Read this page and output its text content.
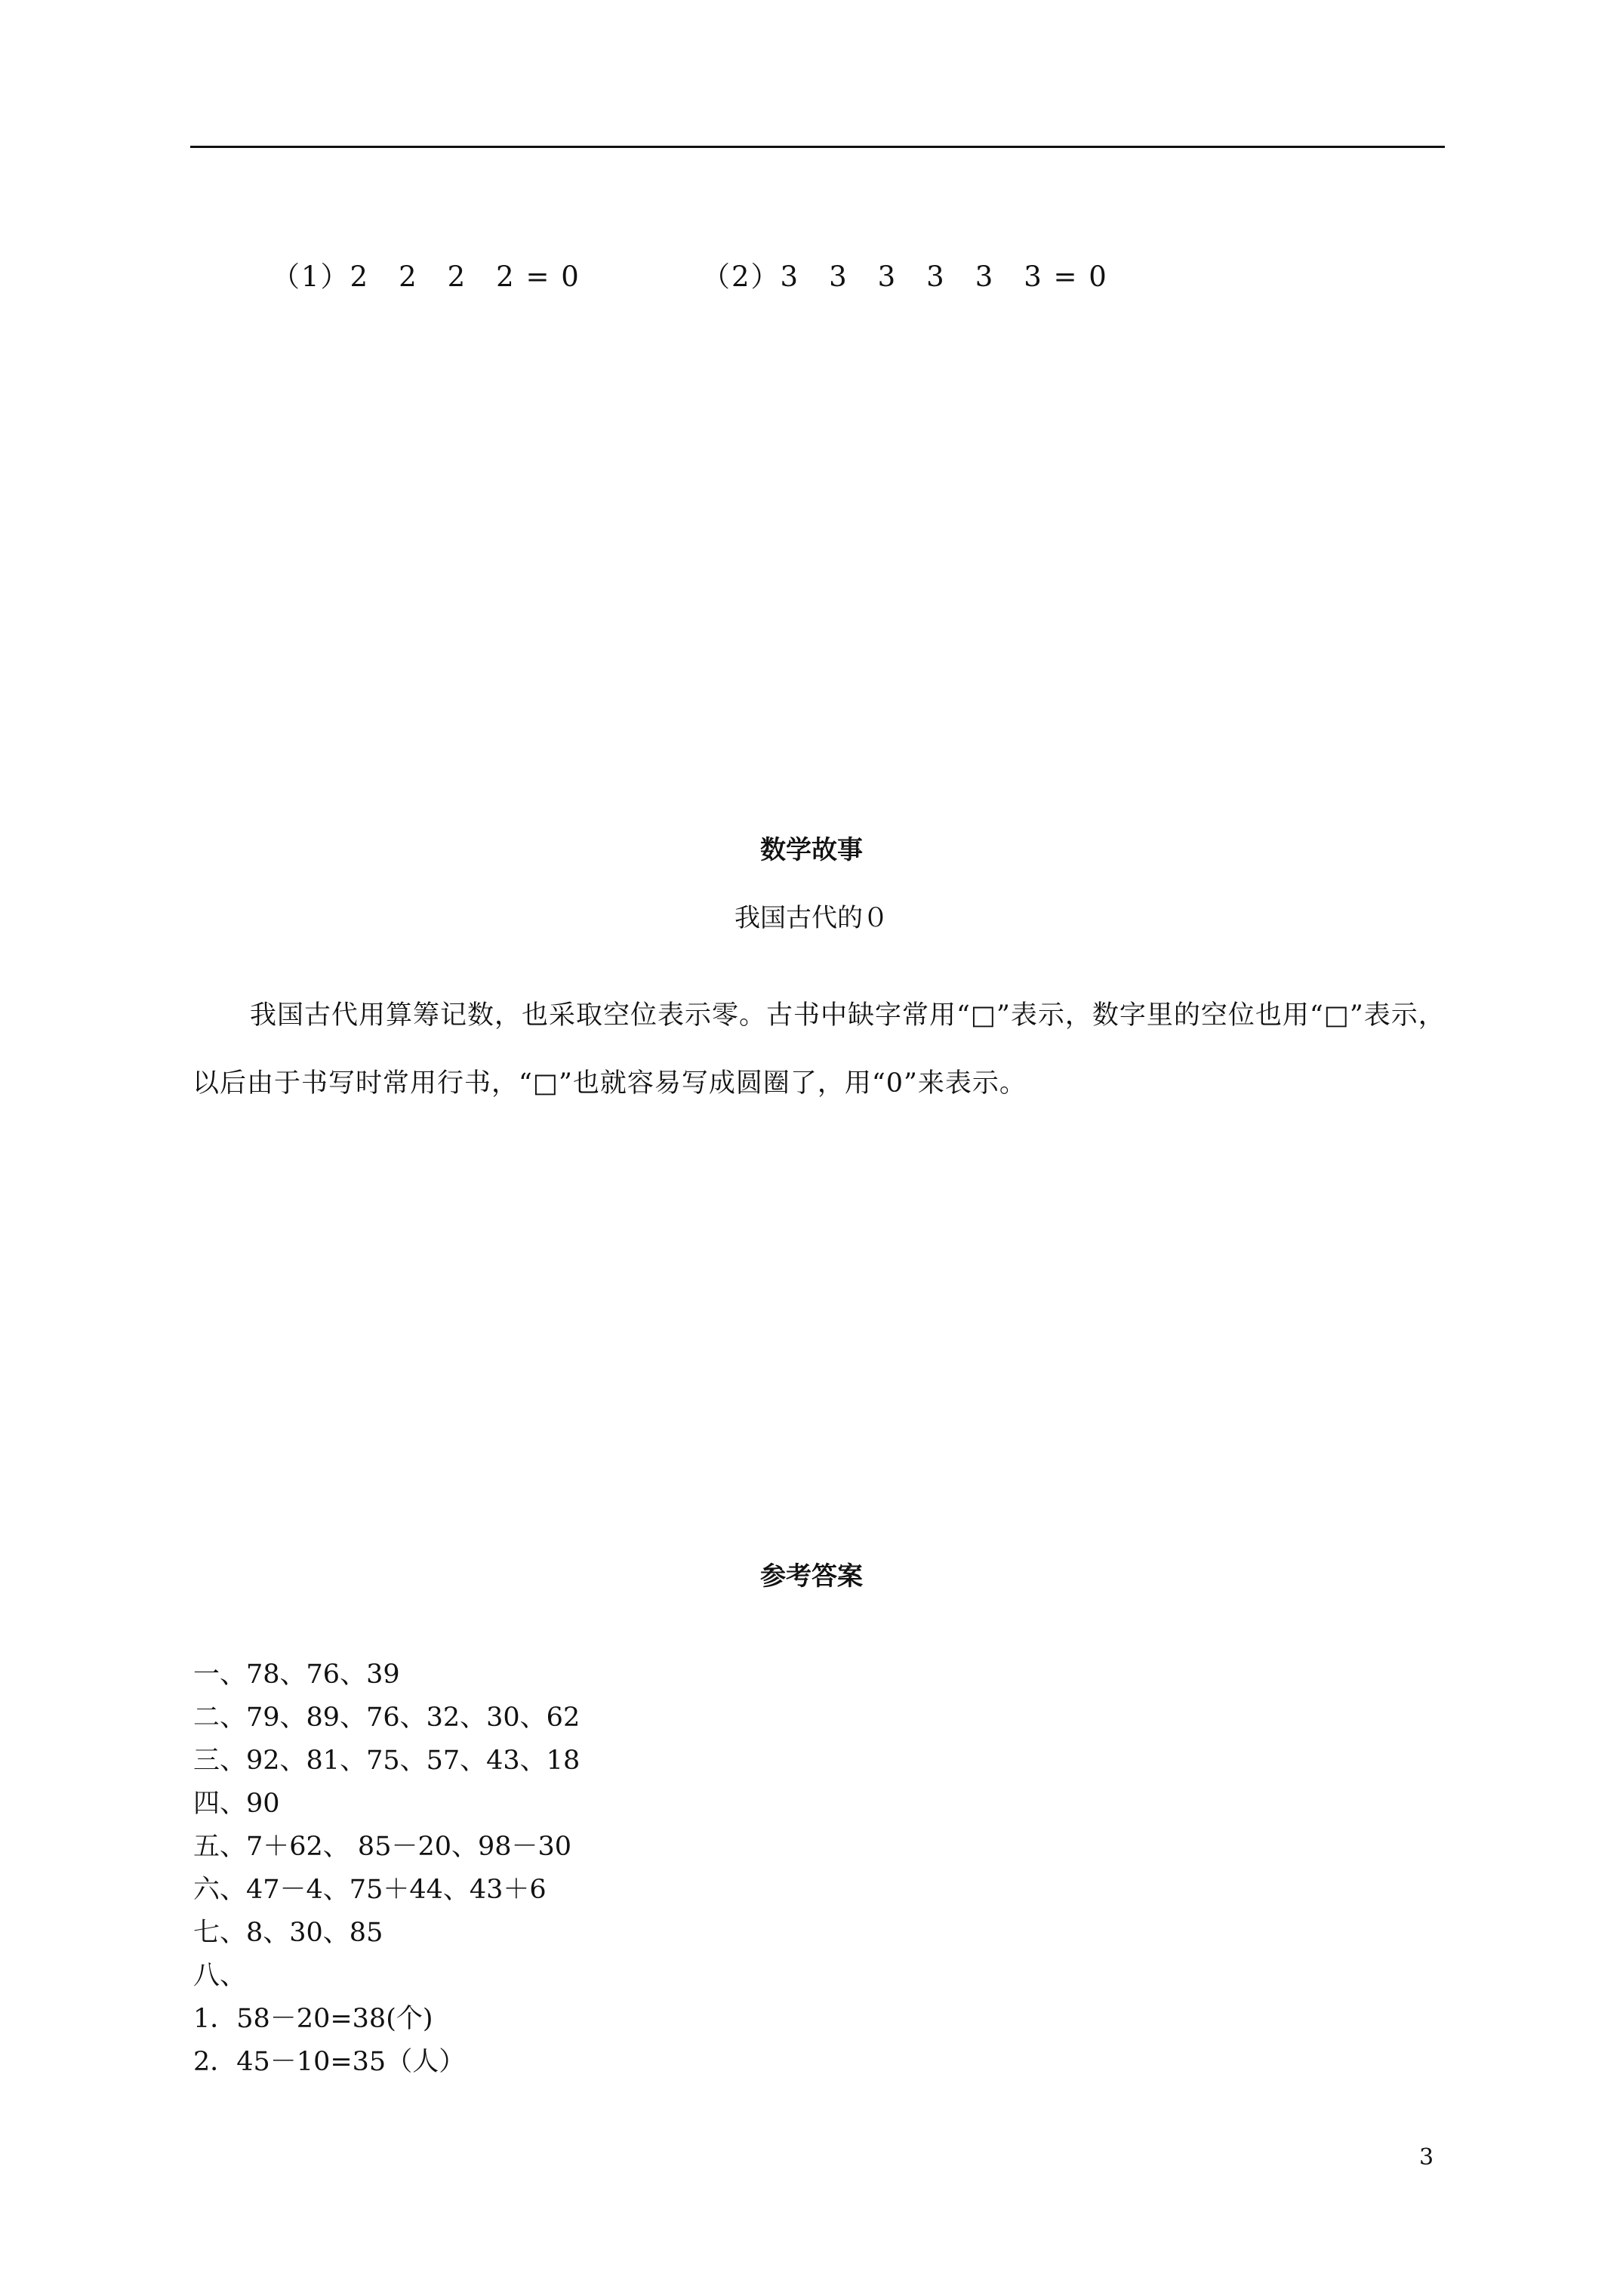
（1）2　2　2　2 = 0	（2）3　3　3　3　3　3 = 0
数学故事
我国古代的０

我国古代用算筹记数，也采取空位表示零。古书中缺字常用“□”表示，数字里的空位也用“□”表示，以后由于书写时常用行书，“□”也就容易写成圆圈了，用“0”来表示。

参考答案
一、78、76、39
二、79、89、76、32、30、62
三、92、81、75、57、43、18
四、90
五、7＋62、 85－20、98－30
六、47－4、75＋44、43＋6
七、8、30、85
八、
1．58－20=38(个)
2．45－10=35（人）
3
